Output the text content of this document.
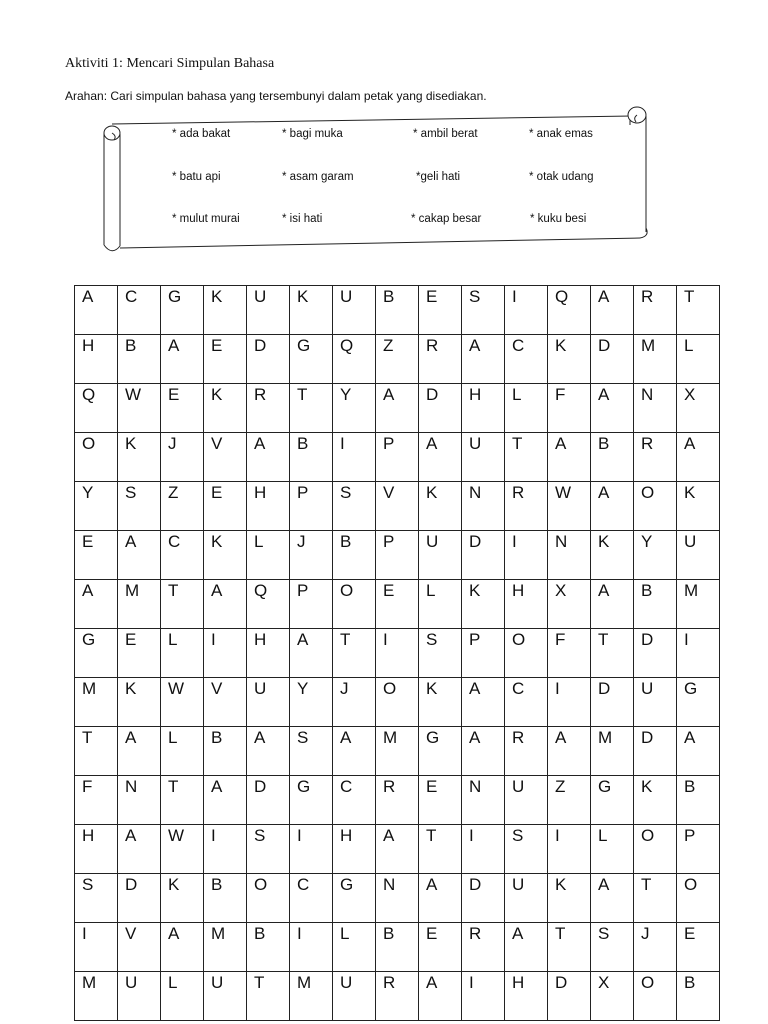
Aktiviti 1: Mencari Simpulan Bahasa
Arahan: Cari simpulan bahasa yang tersembunyi dalam petak yang disediakan.
* ada bakat	* bagi muka	* ambil berat	* anak emas
* batu api	* asam garam	*geli hati	* otak udang
* mulut murai	* isi hati	* cakap besar	* kuku besi
A	C	G	K	U	K	U	B	E	S	I	Q	A	R	T

H	B	A	E	D	G	Q	Z	R	A	C	K	D	M	L

Q	W	E	K	R	T	Y	A	D	H	L	F	A	N	X

O	K	J	V	A	B	I	P	A	U	T	A	B	R	A

Y	S	Z	E	H	P	S	V	K	N	R	W	A	O	K

E	A	C	K	L	J	B	P	U	D	I	N	K	Y	U

A	M	T	A	Q	P	O	E	L	K	H	X	A	B	M

G	E	L	I	H	A	T	I	S	P	O	F	T	D	I

M	K	W	V	U	Y	J	O	K	A	C	I	D	U	G

T	A	L	B	A	S	A	M	G	A	R	A	M	D	A

F	N	T	A	D	G	C	R	E	N	U	Z	G	K	B

H	A	W	I	S	I	H	A	T	I	S	I	L	O	P

S	D	K	B	O	C	G	N	A	D	U	K	A	T	O

I	V	A	M	B	I	L	B	E	R	A	T	S	J	E

M	U	L	U	T	M	U	R	A	I	H	D	X	O	B
